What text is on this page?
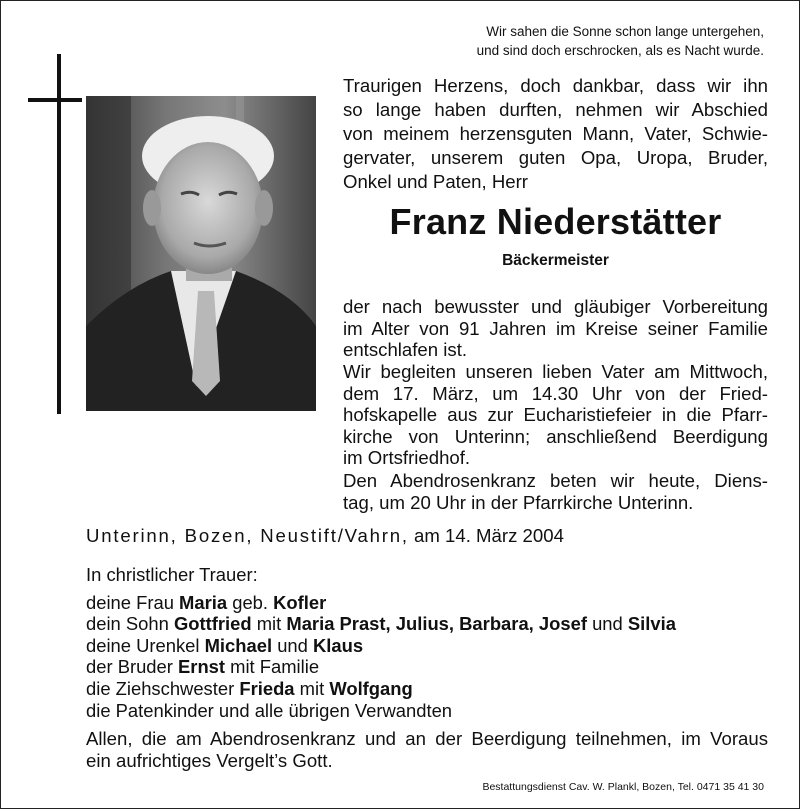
Wir sahen die Sonne schon lange untergehen,
und sind doch erschrocken, als es Nacht wurde.
Traurigen Herzens, doch dankbar, dass wir ihn
so lange haben durften, nehmen wir Abschied
von meinem herzensguten Mann, Vater, Schwie-
gervater, unserem guten Opa, Uropa, Bruder,
Onkel und Paten, Herr
Franz Niederstätter
Bäckermeister
der nach bewusster und gläubiger Vorbereitung
im Alter von 91 Jahren im Kreise seiner Familie
entschlafen ist.
Wir begleiten unseren lieben Vater am Mittwoch,
dem 17. März, um 14.30 Uhr von der Fried-
hofskapelle aus zur Eucharistiefeier in die Pfarr-
kirche von Unterinn; anschließend Beerdigung
im Ortsfriedhof.
Den Abendrosenkranz beten wir heute, Diens-
tag, um 20 Uhr in der Pfarrkirche Unterinn.
Unterinn, Bozen, Neustift/Vahrn, am 14. März 2004
In christlicher Trauer:
deine Frau Maria geb. Kofler
dein Sohn Gottfried mit Maria Prast, Julius, Barbara, Josef und Silvia
deine Urenkel Michael und Klaus
der Bruder Ernst mit Familie
die Ziehschwester Frieda mit Wolfgang
die Patenkinder und alle übrigen Verwandten
Allen, die am Abendrosenkranz und an der Beerdigung teilnehmen, im Voraus
ein aufrichtiges Vergelt’s Gott.
Bestattungsdienst Cav. W. Plankl, Bozen, Tel. 0471 35 41 30
